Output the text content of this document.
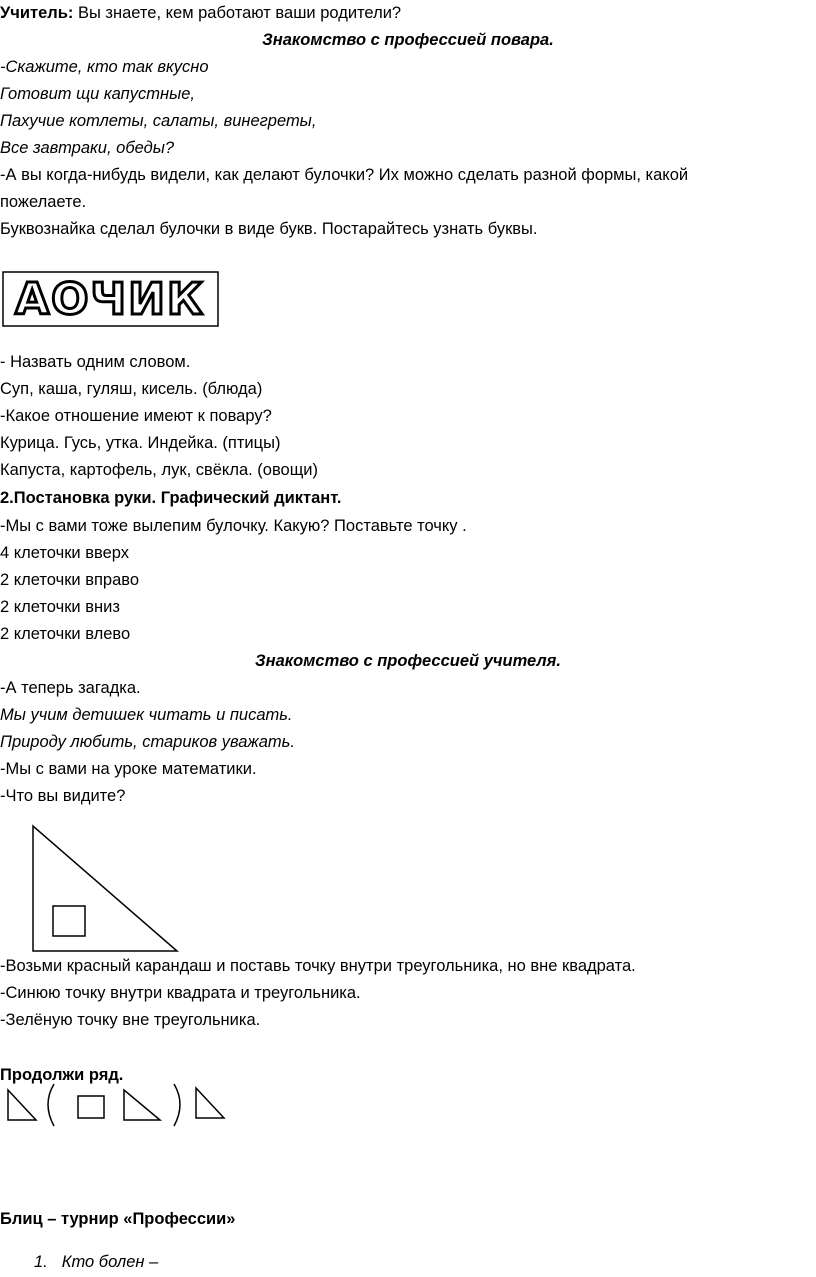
Учитель: Вы знаете, кем работают ваши родители?
Знакомство с профессией повара.
-Скажите, кто так вкусно
Готовит щи капустные,
Пахучие котлеты, салаты, винегреты,
Все завтраки, обеды?
-А вы когда-нибудь видели, как делают булочки? Их можно сделать разной формы, какой
пожелаете.
Буквознайка сделал булочки в виде букв. Постарайтесь узнать буквы.
АОЧИК
- Назвать одним словом.
Суп, каша, гуляш, кисель. (блюда)
-Какое отношение имеют к повару?
Курица. Гусь, утка. Индейка. (птицы)
Капуста, картофель, лук, свёкла. (овощи)
2.Постановка руки. Графический диктант.
-Мы с вами тоже вылепим булочку. Какую? Поставьте точку .
4 клеточки вверх
2 клеточки вправо
2 клеточки вниз
2 клеточки влево
Знакомство с профессией учителя.
-А теперь загадка.
Мы учим детишек читать и писать.
Природу любить, стариков уважать.
-Мы с вами на уроке математики.
-Что вы видите?
-Возьми красный карандаш и поставь точку внутри треугольника, но вне квадрата.
-Синюю точку внутри квадрата и треугольника.
-Зелёную точку вне треугольника.
Продолжи ряд.
Блиц – турнир «Профессии»
1. Кто болен –
